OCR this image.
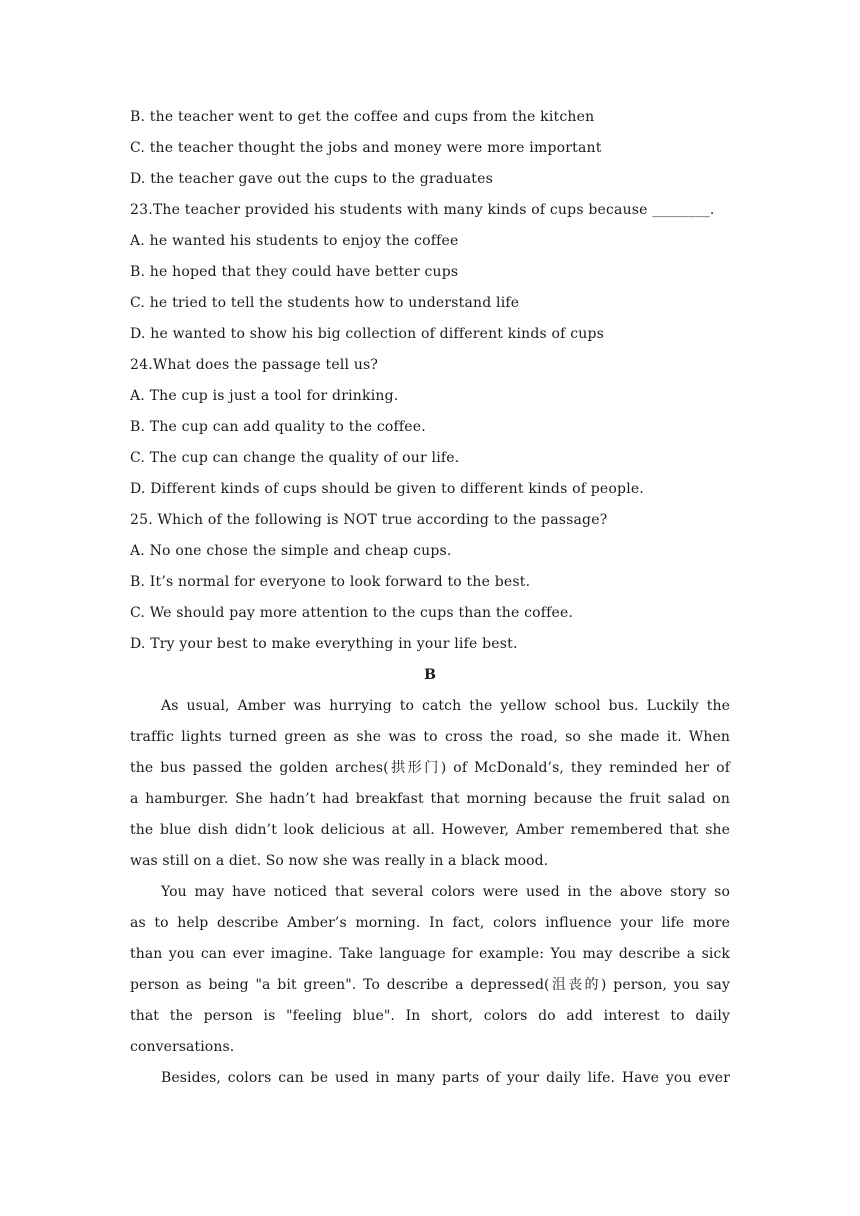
B. the teacher went to get the coffee and cups from the kitchen
C. the teacher thought the jobs and money were more important
D. the teacher gave out the cups to the graduates
23.The teacher provided his students with many kinds of cups because ________.
A. he wanted his students to enjoy the coffee
B. he hoped that they could have better cups
C. he tried to tell the students how to understand life
D. he wanted to show his big collection of different kinds of cups
24.What does the passage tell us?
A. The cup is just a tool for drinking.
B. The cup can add quality to the coffee.
C. The cup can change the quality of our life.
D. Different kinds of cups should be given to different kinds of people.
25. Which of the following is NOT true according to the passage?
A. No one chose the simple and cheap cups.
B. It’s normal for everyone to look forward to the best.
C. We should pay more attention to the cups than the coffee.
D. Try your best to make everything in your life best.
B
As usual, Amber was hurrying to catch the yellow school bus. Luckily the
traffic lights turned green as she was to cross the road, so she made it. When
the bus passed the golden arches(拱形门) of McDonald’s, they reminded her of
a hamburger. She hadn’t had breakfast that morning because the fruit salad on
the blue dish didn’t look delicious at all. However, Amber remembered that she
was still on a diet. So now she was really in a black mood.
You may have noticed that several colors were used in the above story so
as to help describe Amber’s morning. In fact, colors influence your life more
than you can ever imagine. Take language for example: You may describe a sick
person as being "a bit green". To describe a depressed(沮丧的) person, you say
that the person is "feeling blue". In short, colors do add interest to daily
conversations.
Besides, colors can be used in many parts of your daily life. Have you ever
